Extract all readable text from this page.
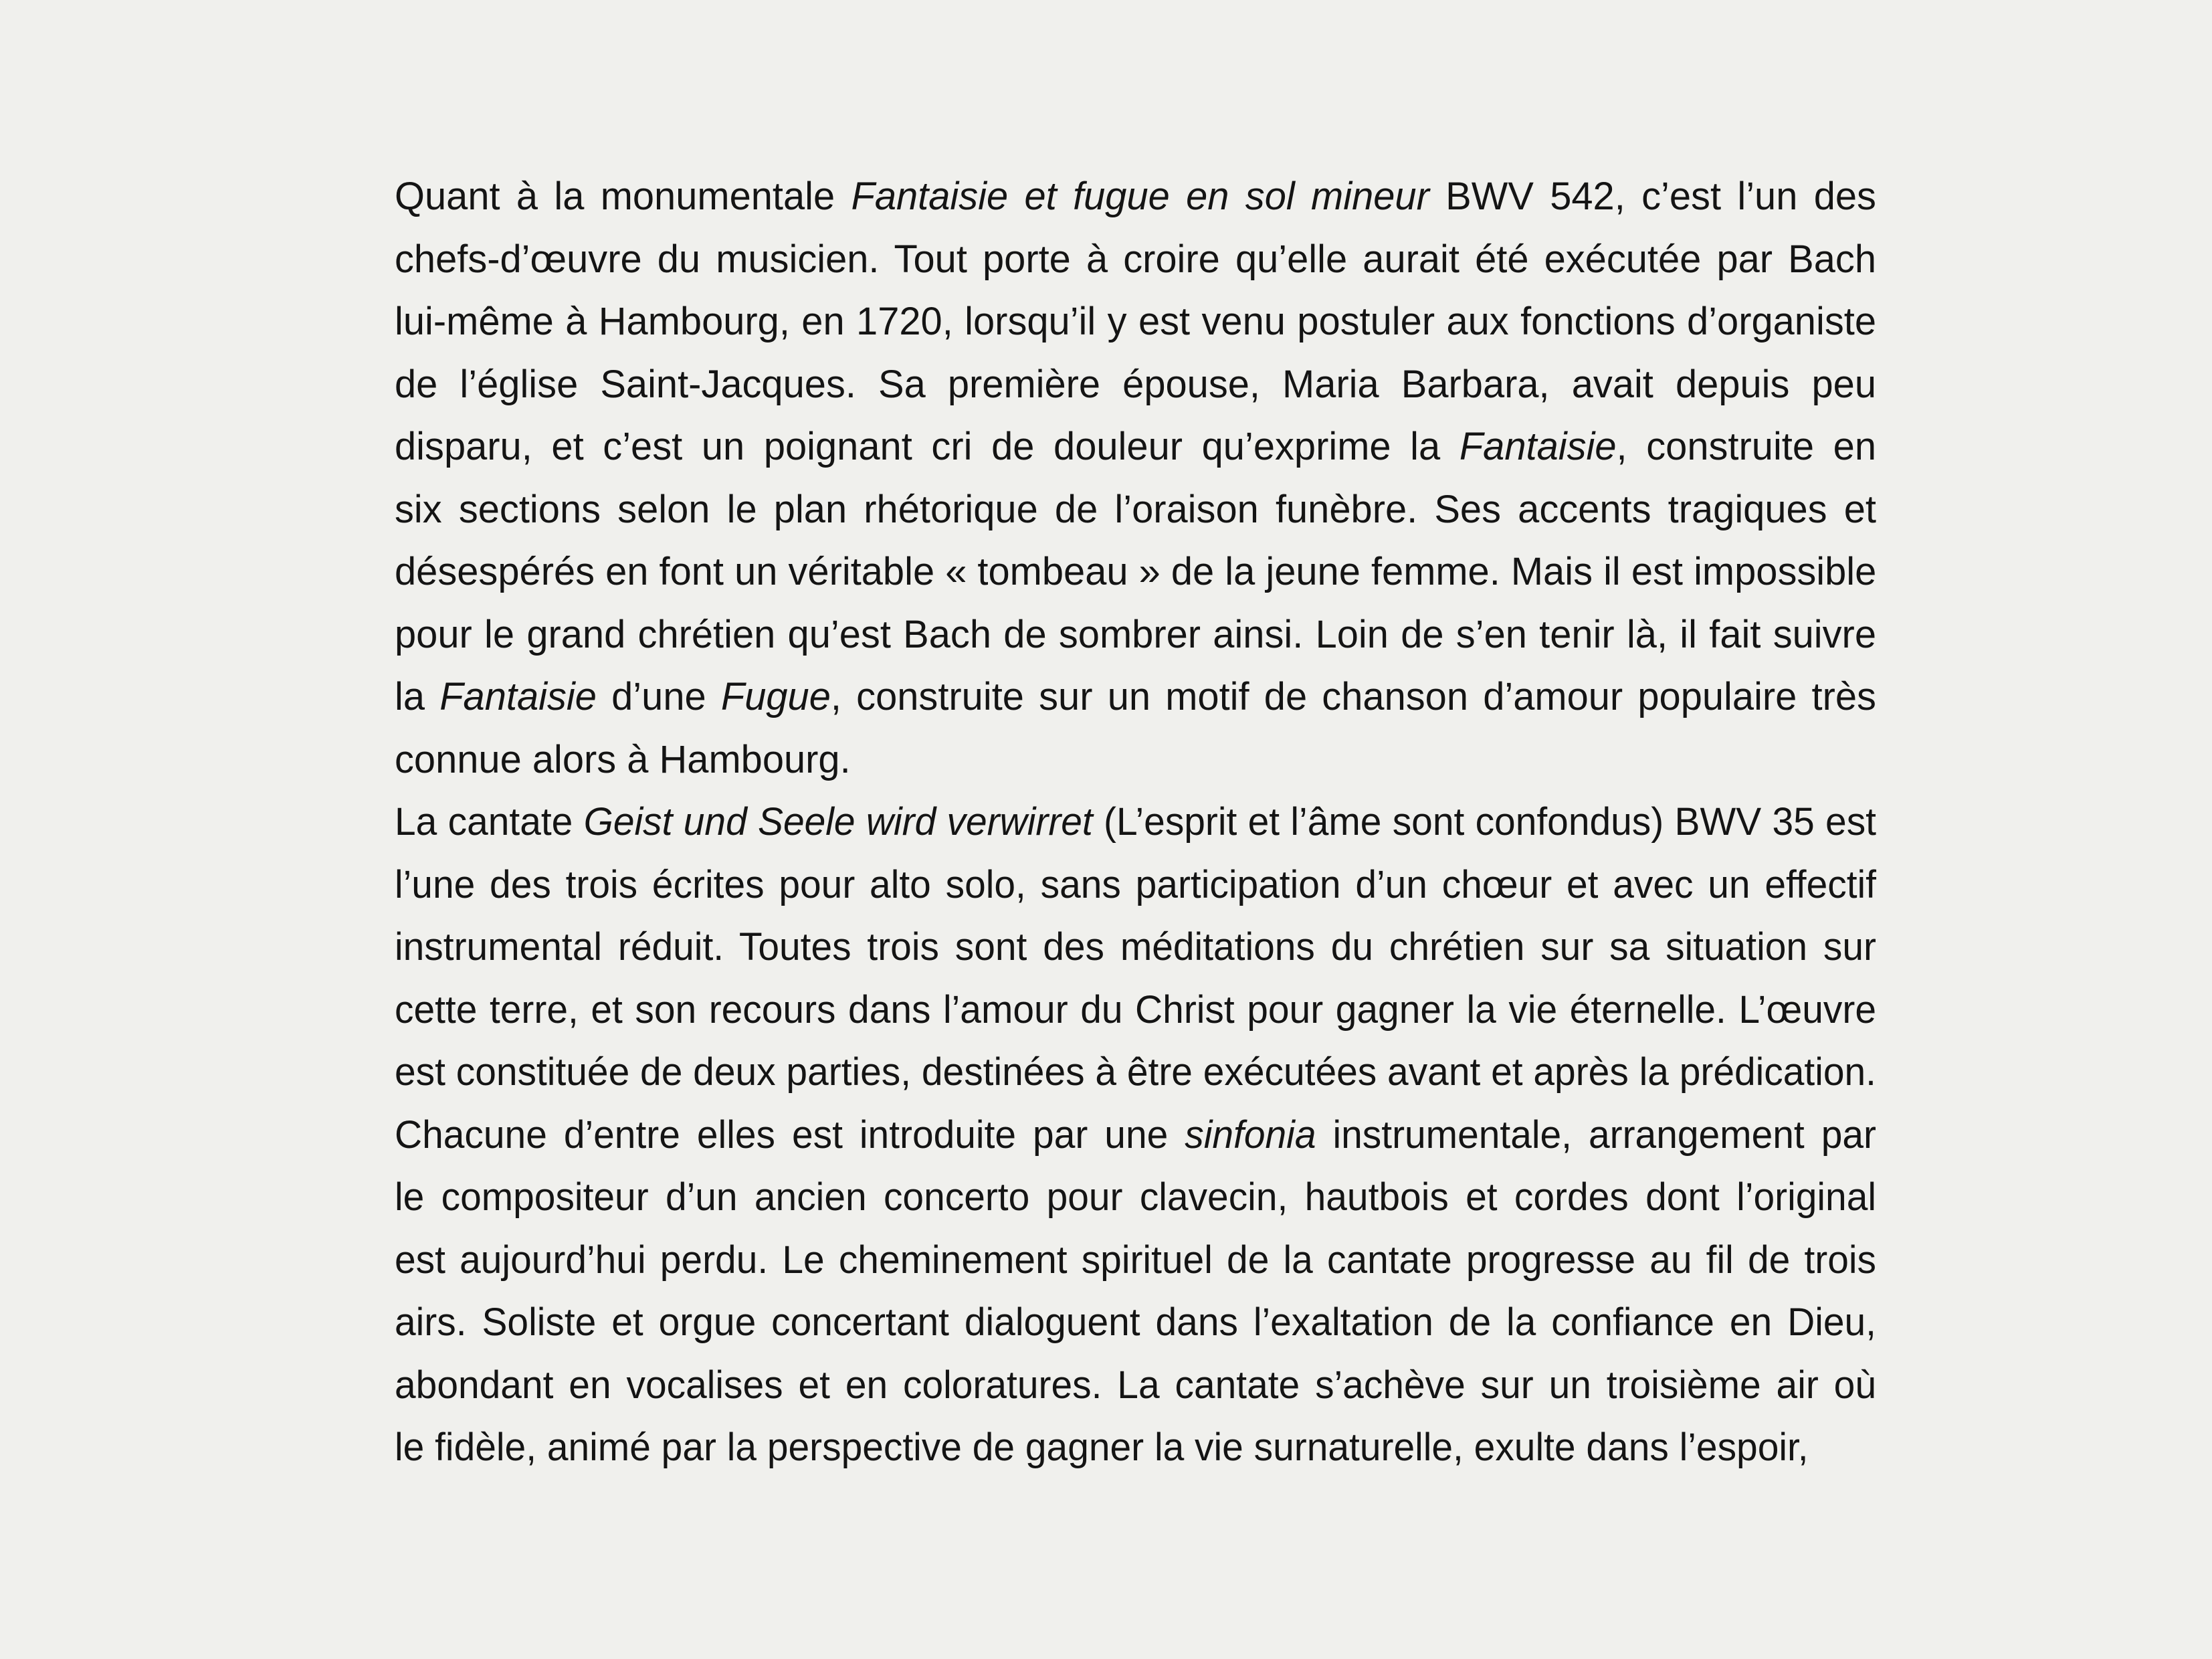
Quant à la monumentale Fantaisie et fugue en sol mineur BWV 542, c’est l’un des
chefs-d’œuvre du musicien. Tout porte à croire qu’elle aurait été exécutée par Bach
lui-même à Hambourg, en 1720, lorsqu’il y est venu postuler aux fonctions d’organiste
de l’église Saint-Jacques. Sa première épouse, Maria Barbara, avait depuis peu
disparu, et c’est un poignant cri de douleur qu’exprime la Fantaisie, construite en
six sections selon le plan rhétorique de l’oraison funèbre. Ses accents tragiques et
désespérés en font un véritable « tombeau » de la jeune femme. Mais il est impossible
pour le grand chrétien qu’est Bach de sombrer ainsi. Loin de s’en tenir là, il fait suivre
la Fantaisie d’une Fugue, construite sur un motif de chanson d’amour populaire très
connue alors à Hambourg.

La cantate Geist und Seele wird verwirret (L’esprit et l’âme sont confondus) BWV 35 est
l’une des trois écrites pour alto solo, sans participation d’un chœur et avec un effectif
instrumental réduit. Toutes trois sont des méditations du chrétien sur sa situation sur
cette terre, et son recours dans l’amour du Christ pour gagner la vie éternelle. L’œuvre
est constituée de deux parties, destinées à être exécutées avant et après la prédication.
Chacune d’entre elles est introduite par une sinfonia instrumentale, arrangement par
le compositeur d’un ancien concerto pour clavecin, hautbois et cordes dont l’original
est aujourd’hui perdu. Le cheminement spirituel de la cantate progresse au fil de trois
airs. Soliste et orgue concertant dialoguent dans l’exaltation de la confiance en Dieu,
abondant en vocalises et en coloratures. La cantate s’achève sur un troisième air où
le fidèle, animé par la perspective de gagner la vie surnaturelle, exulte dans l’espoir,
